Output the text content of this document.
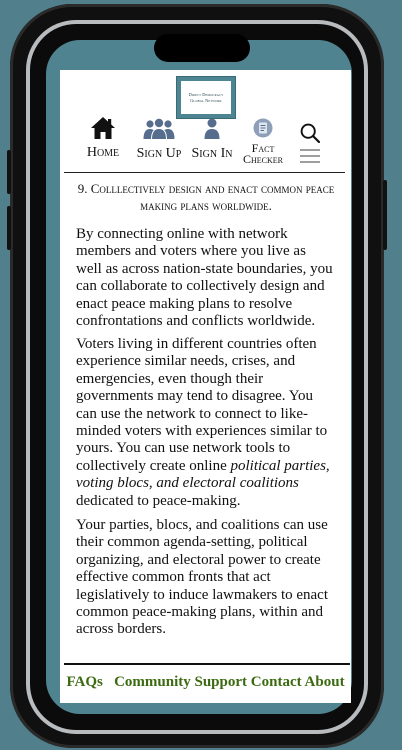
Direct Democracy
Global Network
Home Sign Up Sign In	Fact
Checker
9. Colllectively design and enact common peace making plans worldwide.
By connecting online with network members and voters where you live as well as across nation-state boundaries, you can collaborate to collectively design and enact peace making plans to resolve confrontations and conflicts worldwide.
Voters living in different countries often experience similar needs, crises, and emergencies, even though their governments may tend to disagree. You can use the network to connect to like-minded voters with experiences similar to yours. You can use network tools to collectively create online political parties, voting blocs, and electoral coalitions dedicated to peace-making.
Your parties, blocs, and coalitions can use their common agenda-setting, political organizing, and electoral power to create effective common fronts that act legislatively to induce lawmakers to enact common peace-making plans, within and across borders.
FAQs Community Support Contact About
